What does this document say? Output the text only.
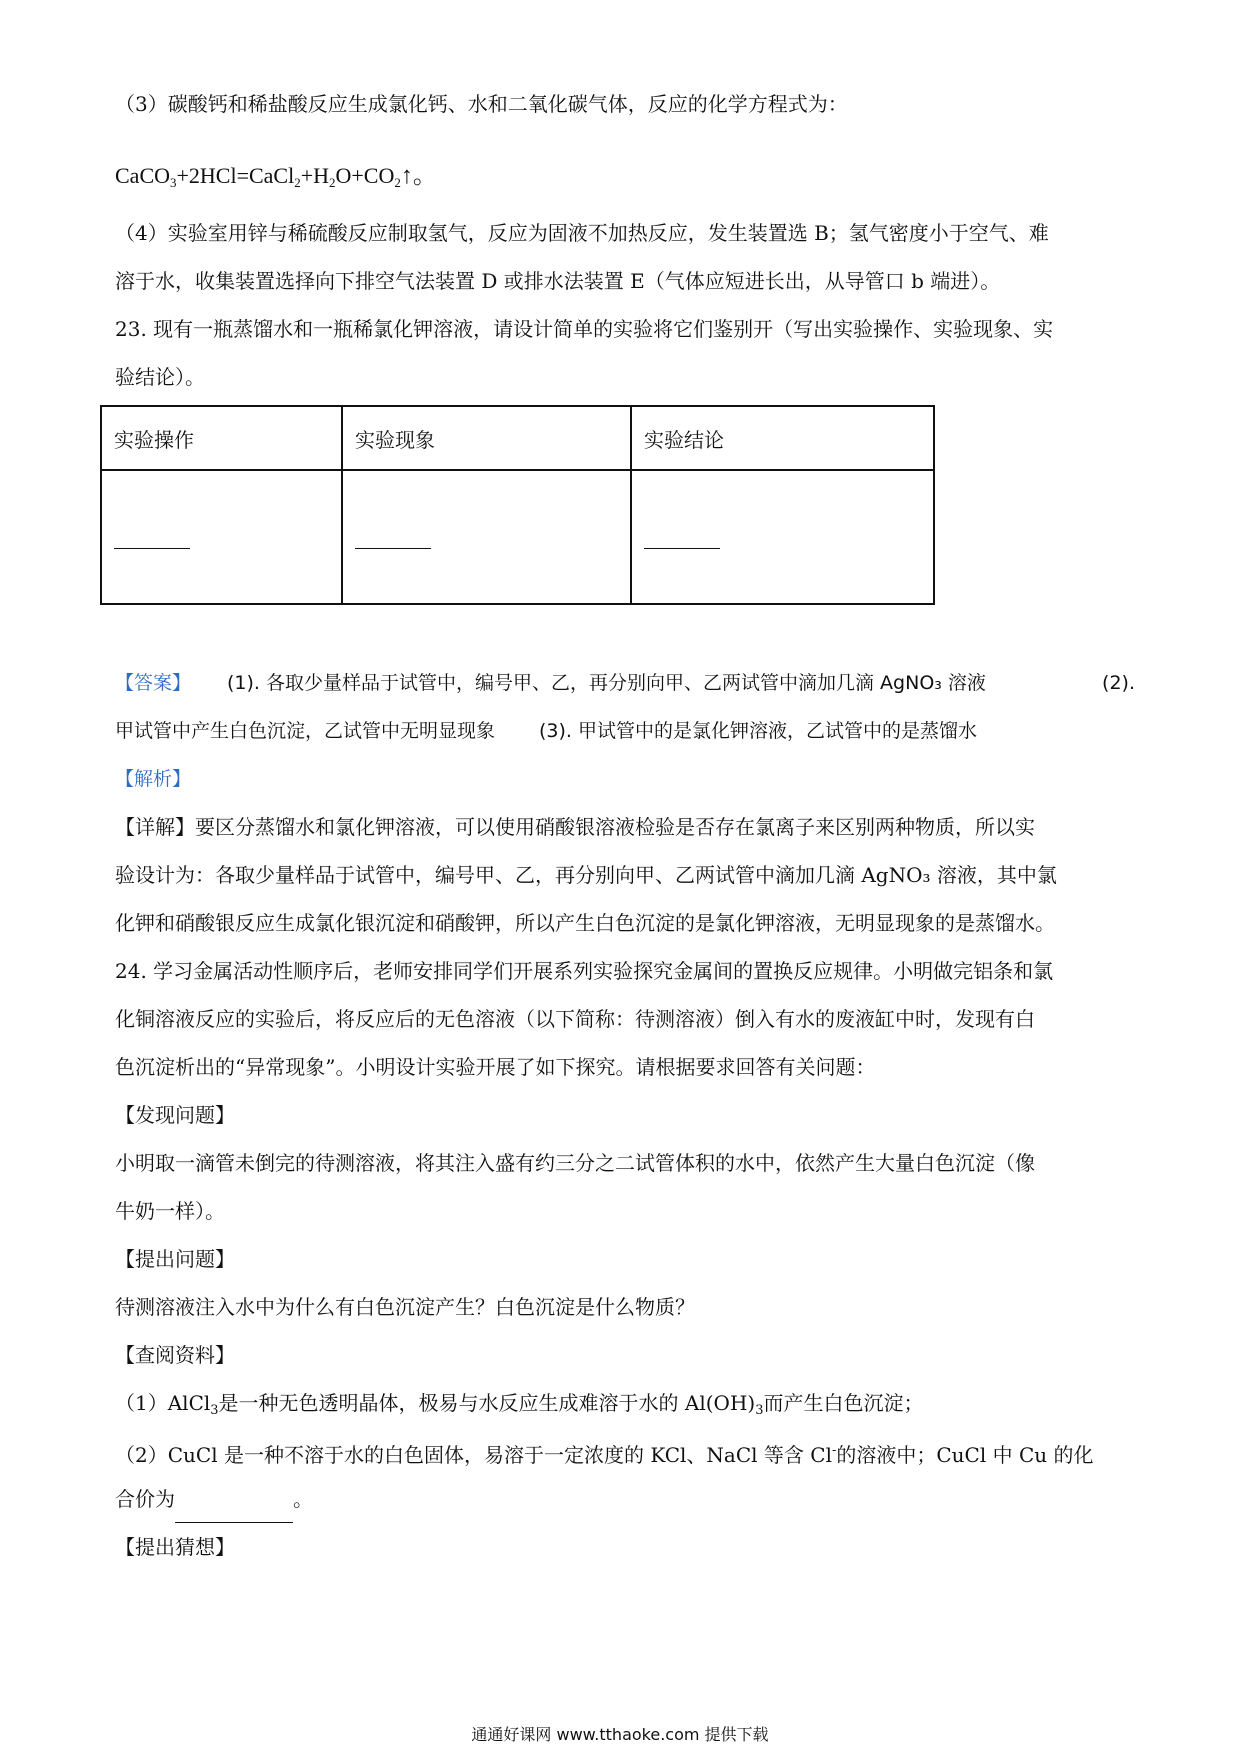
（3）碳酸钙和稀盐酸反应生成氯化钙、水和二氧化碳气体，反应的化学方程式为：

$CaCO_3+2HCl=CaCl_2+H_2O+CO_2↑$。

（4）实验室用锌与稀硫酸反应制取氢气，反应为固液不加热反应，发生装置选 B；氢气密度小于空气、难

溶于水，收集装置选择向下排空气法装置 D 或排水法装置 E（气体应短进长出，从导管口 b 端进）。

23. 现有一瓶蒸馏水和一瓶稀氯化钾溶液，请设计简单的实验将它们鉴别开（写出实验操作、实验现象、实

验结论）。

实验操作	实验现象	实验结论

【答案】 (1). 各取少量样品于试管中，编号甲、乙，再分别向甲、乙两试管中滴加几滴 AgNO₃ 溶液	(2).
甲试管中产生白色沉淀，乙试管中无明显现象 (3). 甲试管中的是氯化钾溶液，乙试管中的是蒸馏水

【解析】

【详解】要区分蒸馏水和氯化钾溶液，可以使用硝酸银溶液检验是否存在氯离子来区别两种物质，所以实

验设计为：各取少量样品于试管中，编号甲、乙，再分别向甲、乙两试管中滴加几滴 AgNO₃ 溶液，其中氯

化钾和硝酸银反应生成氯化银沉淀和硝酸钾，所以产生白色沉淀的是氯化钾溶液，无明显现象的是蒸馏水。

24. 学习金属活动性顺序后，老师安排同学们开展系列实验探究金属间的置换反应规律。小明做完铝条和氯

化铜溶液反应的实验后，将反应后的无色溶液（以下简称：待测溶液）倒入有水的废液缸中时，发现有白

色沉淀析出的“异常现象”。小明设计实验开展了如下探究。请根据要求回答有关问题：

【发现问题】

小明取一滴管未倒完的待测溶液，将其注入盛有约三分之二试管体积的水中，依然产生大量白色沉淀（像

牛奶一样）。

【提出问题】

待测溶液注入水中为什么有白色沉淀产生？白色沉淀是什么物质？

【查阅资料】

（1）AlCl$_3$是一种无色透明晶体，极易与水反应生成难溶于水的 $Al(OH)_3$而产生白色沉淀；

（2）CuCl 是一种不溶于水的白色固体，易溶于一定浓度的 KCl、NaCl 等含 Cl-的溶液中；CuCl 中 Cu 的化

合价为	。

【提出猜想】

通通好课网 www.tthaoke.com 提供下载
